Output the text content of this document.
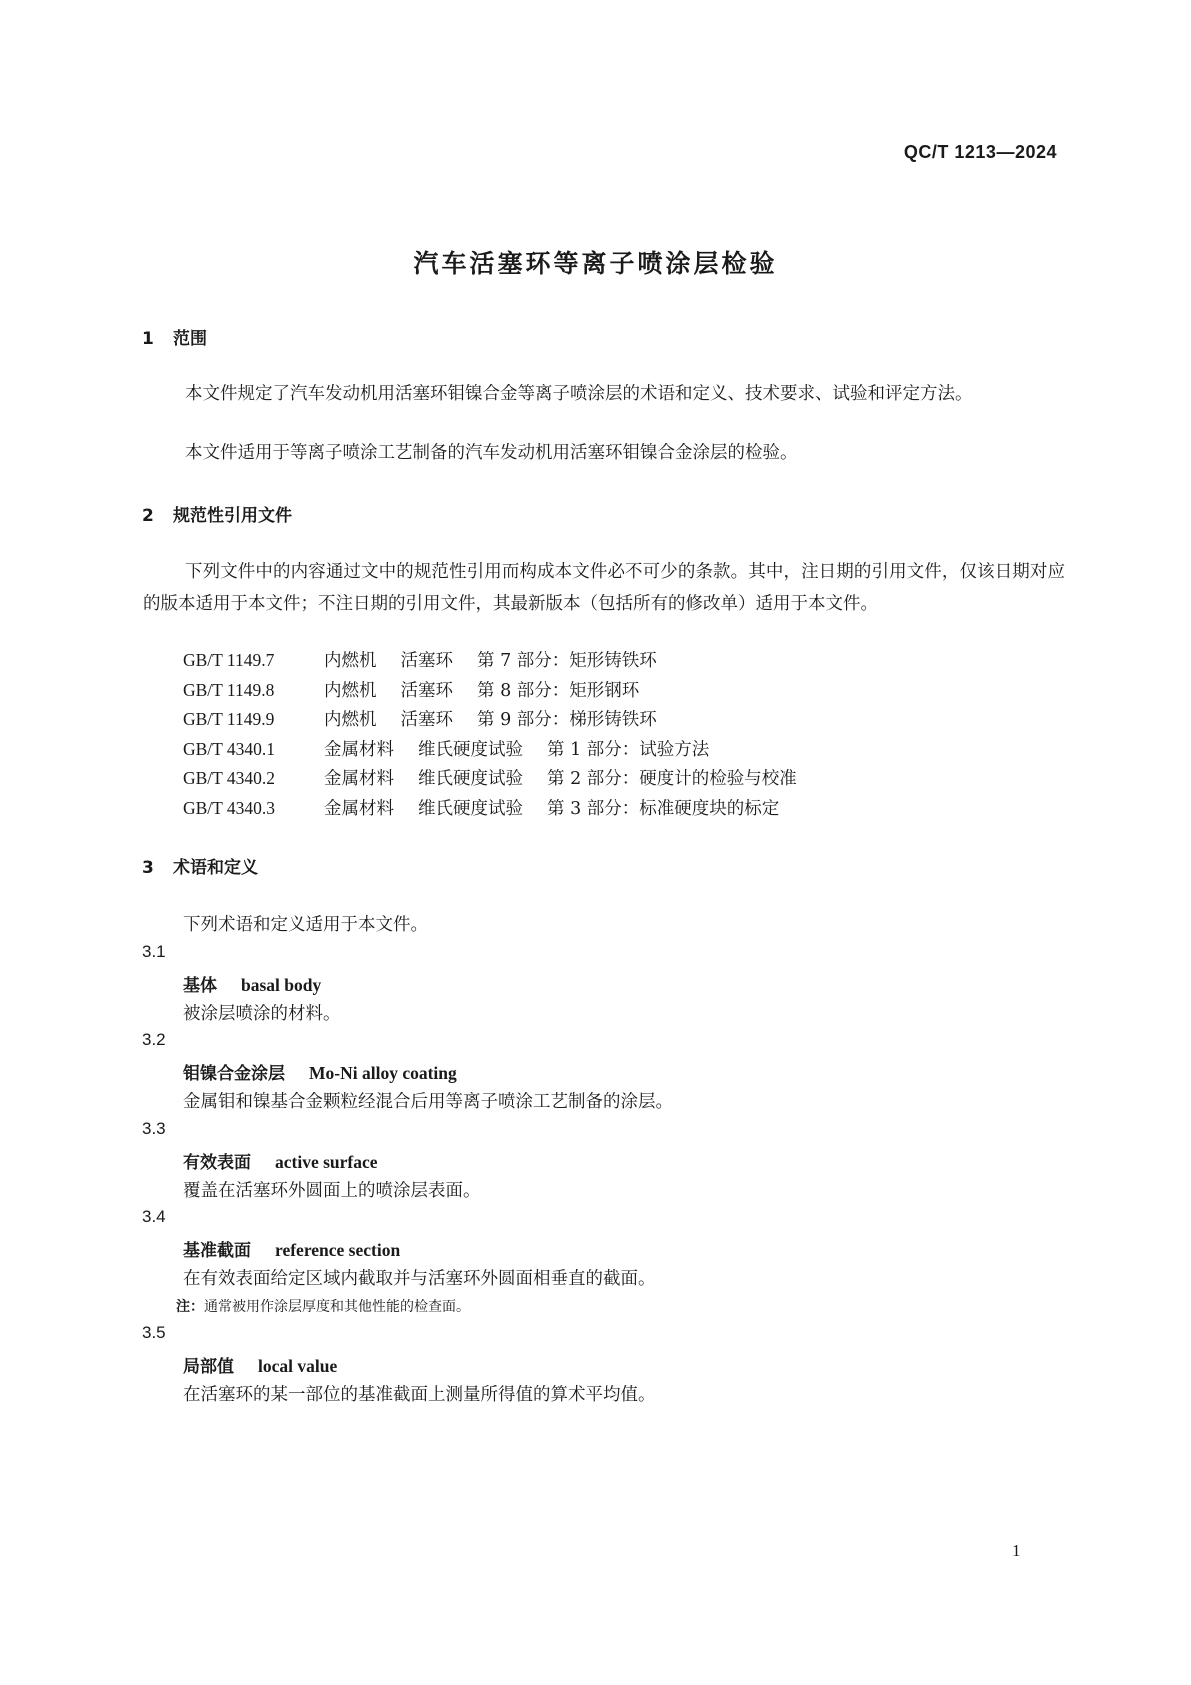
QC/T 1213—2024
汽车活塞环等离子喷涂层检验
1 范围
本文件规定了汽车发动机用活塞环钼镍合金等离子喷涂层的术语和定义、技术要求、试验和评定方法。
本文件适用于等离子喷涂工艺制备的汽车发动机用活塞环钼镍合金涂层的检验。
2 规范性引用文件
下列文件中的内容通过文中的规范性引用而构成本文件必不可少的条款。其中，注日期的引用文件，仅该日期对应的版本适用于本文件；不注日期的引用文件，其最新版本（包括所有的修改单）适用于本文件。
GB/T 1149.7	内燃机 活塞环 第 7 部分：矩形铸铁环
GB/T 1149.8	内燃机 活塞环 第 8 部分：矩形钢环
GB/T 1149.9	内燃机 活塞环 第 9 部分：梯形铸铁环
GB/T 4340.1	金属材料 维氏硬度试验 第 1 部分：试验方法
GB/T 4340.2	金属材料 维氏硬度试验 第 2 部分：硬度计的检验与校准
GB/T 4340.3	金属材料 维氏硬度试验 第 3 部分：标准硬度块的标定
3 术语和定义
下列术语和定义适用于本文件。
3.1
基体 basal body
被涂层喷涂的材料。
3.2
钼镍合金涂层 Mo-Ni alloy coating
金属钼和镍基合金颗粒经混合后用等离子喷涂工艺制备的涂层。
3.3
有效表面 active surface
覆盖在活塞环外圆面上的喷涂层表面。
3.4
基准截面 reference section
在有效表面给定区域内截取并与活塞环外圆面相垂直的截面。
注：通常被用作涂层厚度和其他性能的检查面。
3.5
局部值 local value
在活塞环的某一部位的基准截面上测量所得值的算术平均值。
1
